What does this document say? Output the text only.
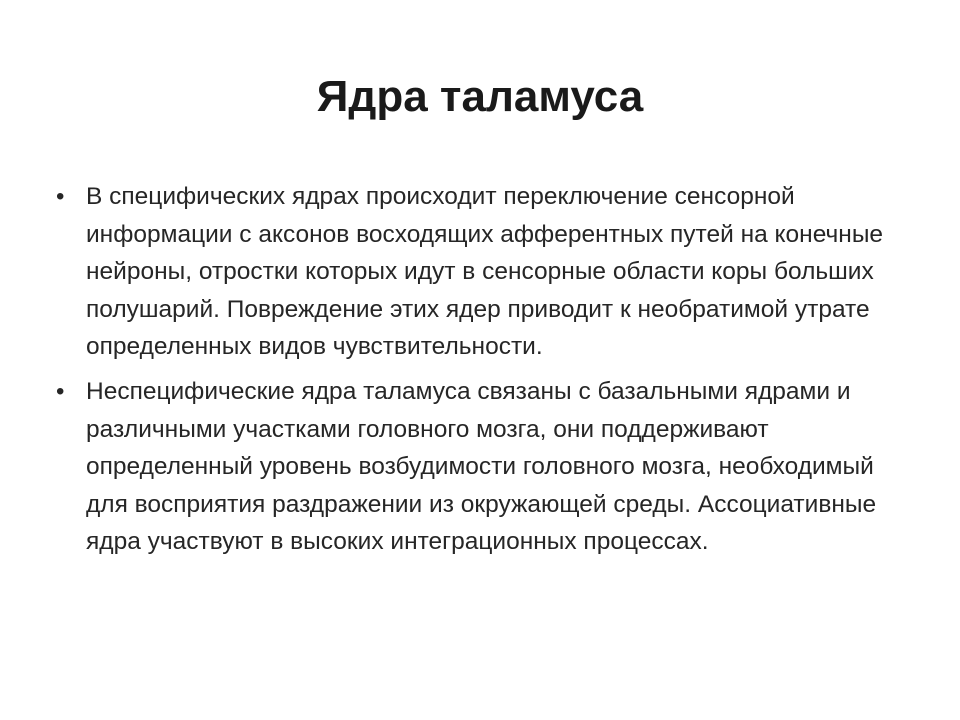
Ядра таламуса
• В специфических ядрах происходит переключение сенсорной информации с аксонов восходящих афферентных путей на конечные нейроны, отростки которых идут в сенсорные области коры больших полушарий. Повреждение этих ядер приводит к необратимой утрате определенных видов чувствительности.
• Неспецифические ядра таламуса связаны с базальными ядрами и различными участками головного мозга, они поддерживают определенный уровень возбудимости головного мозга, необходимый для восприятия раздражении из окружающей среды. Ассоциативные ядра участвуют в высоких интеграционных процессах.
